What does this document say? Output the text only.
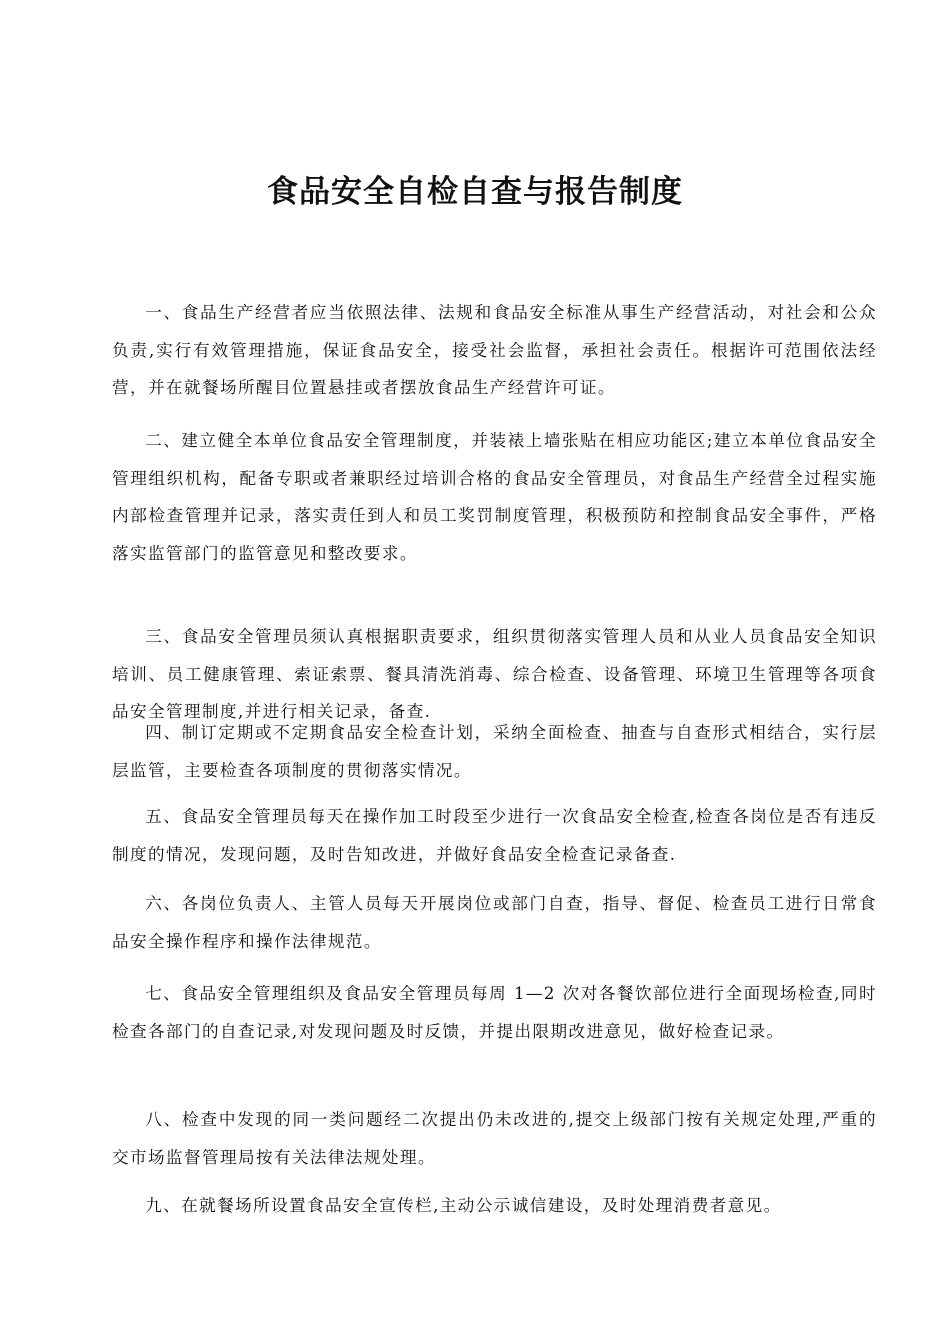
食品安全自检自查与报告制度

一、食品生产经营者应当依照法律、法规和食品安全标准从事生产经营活动，对社会和公众负责,实行有效管理措施，保证食品安全，接受社会监督，承担社会责任。根据许可范围依法经营，并在就餐场所醒目位置悬挂或者摆放食品生产经营许可证。

二、建立健全本单位食品安全管理制度，并装裱上墙张贴在相应功能区;建立本单位食品安全管理组织机构，配备专职或者兼职经过培训合格的食品安全管理员，对食品生产经营全过程实施内部检查管理并记录，落实责任到人和员工奖罚制度管理，积极预防和控制食品安全事件，严格落实监管部门的监管意见和整改要求。

三、食品安全管理员须认真根据职责要求，组织贯彻落实管理人员和从业人员食品安全知识培训、员工健康管理、索证索票、餐具清洗消毒、综合检查、设备管理、环境卫生管理等各项食品安全管理制度,并进行相关记录，备查.

四、制订定期或不定期食品安全检查计划，采纳全面检查、抽查与自查形式相结合，实行层层监管，主要检查各项制度的贯彻落实情况。

五、食品安全管理员每天在操作加工时段至少进行一次食品安全检查,检查各岗位是否有违反制度的情况，发现问题，及时告知改进，并做好食品安全检查记录备查.

六、各岗位负责人、主管人员每天开展岗位或部门自查，指导、督促、检查员工进行日常食品安全操作程序和操作法律规范。

七、食品安全管理组织及食品安全管理员每周 1—2 次对各餐饮部位进行全面现场检查,同时检查各部门的自查记录,对发现问题及时反馈，并提出限期改进意见，做好检查记录。

八、检查中发现的同一类问题经二次提出仍未改进的,提交上级部门按有关规定处理,严重的交市场监督管理局按有关法律法规处理。

九、在就餐场所设置食品安全宣传栏,主动公示诚信建设，及时处理消费者意见。
